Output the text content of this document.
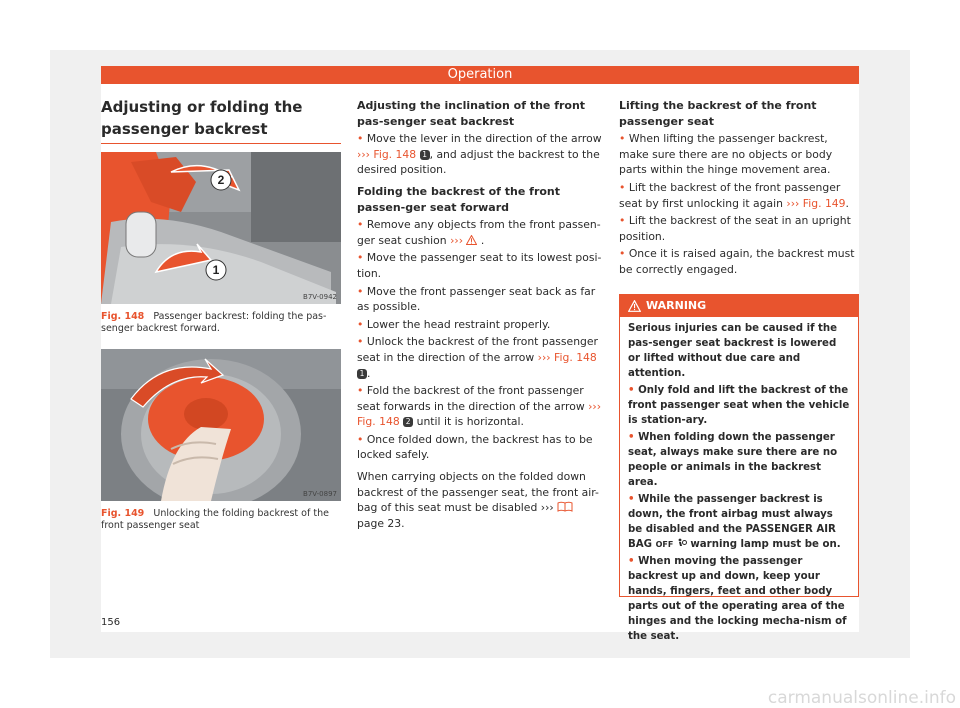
Operation
Adjusting or folding the passenger backrest
2
1
B7V-0942
Fig. 148 Passenger backrest: folding the pas-senger backrest forward.
B7V-0897
Fig. 149 Unlocking the folding backrest of the front passenger seat

Adjusting the inclination of the front pas-senger seat backrest

• Move the lever in the direction of the arrow ››› Fig. 148 1 , and adjust the backrest to the desired position.

Folding the backrest of the front passen-ger seat forward

• Remove any objects from the front passen-ger seat cushion ›››  .

• Move the passenger seat to its lowest posi-tion.

• Move the front passenger seat back as far as possible.

• Lower the head restraint properly.

• Unlock the backrest of the front passenger seat in the direction of the arrow ››› Fig. 148 1 .

• Fold the backrest of the front passenger seat forwards in the direction of the arrow ››› Fig. 148 2 until it is horizontal.

• Once folded down, the backrest has to be locked safely.

When carrying objects on the folded down backrest of the passenger seat, the front air-bag of this seat must be disabled ›››  page 23.

Lifting the backrest of the front passenger seat

• When lifting the passenger backrest, make sure there are no objects or body parts within the hinge movement area.

• Lift the backrest of the front passenger seat by first unlocking it again ››› Fig. 149.

• Lift the backrest of the seat in an upright position.

• Once it is raised again, the backrest must be correctly engaged.

WARNING

Serious injuries can be caused if the pas-senger seat backrest is lowered or lifted without due care and attention.

• Only fold and lift the backrest of the front passenger seat when the vehicle is station-ary.

• When folding down the passenger seat, always make sure there are no people or animals in the backrest area.

• While the passenger backrest is down, the front airbag must always be disabled and the PASSENGER AIR BAG OFF warning lamp must be on.

• When moving the passenger backrest up and down, keep your hands, fingers, feet and other body parts out of the operating area of the hinges and the locking mecha-nism of the seat.

156
carmanualsonline.info
